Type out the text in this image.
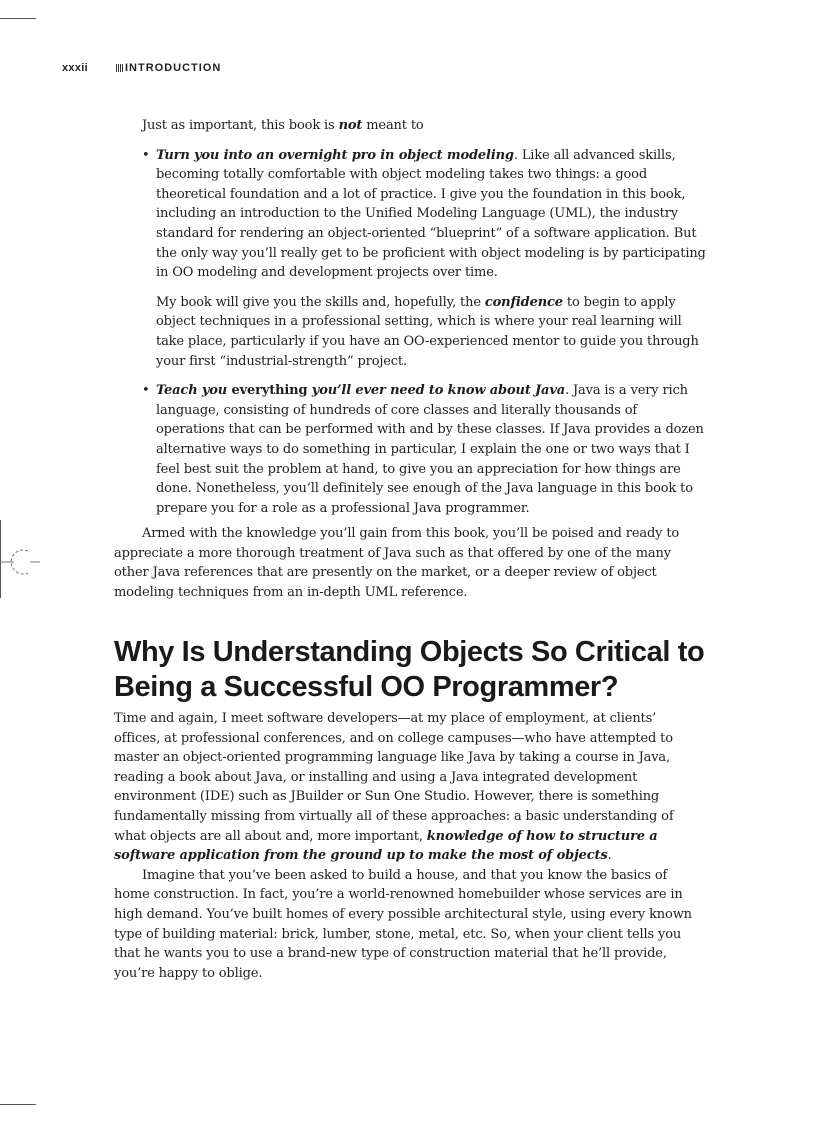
xxxii	INTRODUCTION

Just as important, this book is not meant to

• Turn you into an overnight pro in object modeling. Like all advanced skills, becoming totally comfortable with object modeling takes two things: a good theoretical foundation and a lot of practice. I give you the foundation in this book, including an introduction to the Unified Modeling Language (UML), the industry standard for rendering an object-oriented “blueprint” of a software application. But the only way you’ll really get to be proficient with object modeling is by participating in OO modeling and development projects over time.

My book will give you the skills and, hopefully, the confidence to begin to apply object techniques in a professional setting, which is where your real learning will take place, particularly if you have an OO-experienced mentor to guide you through your first “industrial-strength” project.

• Teach you everything you’ll ever need to know about Java. Java is a very rich language, consisting of hundreds of core classes and literally thousands of operations that can be performed with and by these classes. If Java provides a dozen alternative ways to do something in particular, I explain the one or two ways that I feel best suit the problem at hand, to give you an appreciation for how things are done. Nonetheless, you’ll definitely see enough of the Java language in this book to prepare you for a role as a professional Java programmer.

Armed with the knowledge you’ll gain from this book, you’ll be poised and ready to appreciate a more thorough treatment of Java such as that offered by one of the many other Java references that are presently on the market, or a deeper review of object modeling techniques from an in-depth UML reference.

Why Is Understanding Objects So Critical to Being a Successful OO Programmer?

Time and again, I meet software developers—at my place of employment, at clients’ offices, at professional conferences, and on college campuses—who have attempted to master an object-oriented programming language like Java by taking a course in Java, reading a book about Java, or installing and using a Java integrated development environment (IDE) such as JBuilder or Sun One Studio. However, there is something fundamentally missing from virtually all of these approaches: a basic understanding of what objects are all about and, more important, knowledge of how to structure a software application from the ground up to make the most of objects.

Imagine that you’ve been asked to build a house, and that you know the basics of home construction. In fact, you’re a world-renowned homebuilder whose services are in high demand. You’ve built homes of every possible architectural style, using every known type of building material: brick, lumber, stone, metal, etc. So, when your client tells you that he wants you to use a brand-new type of construction material that he’ll provide, you’re happy to oblige.
